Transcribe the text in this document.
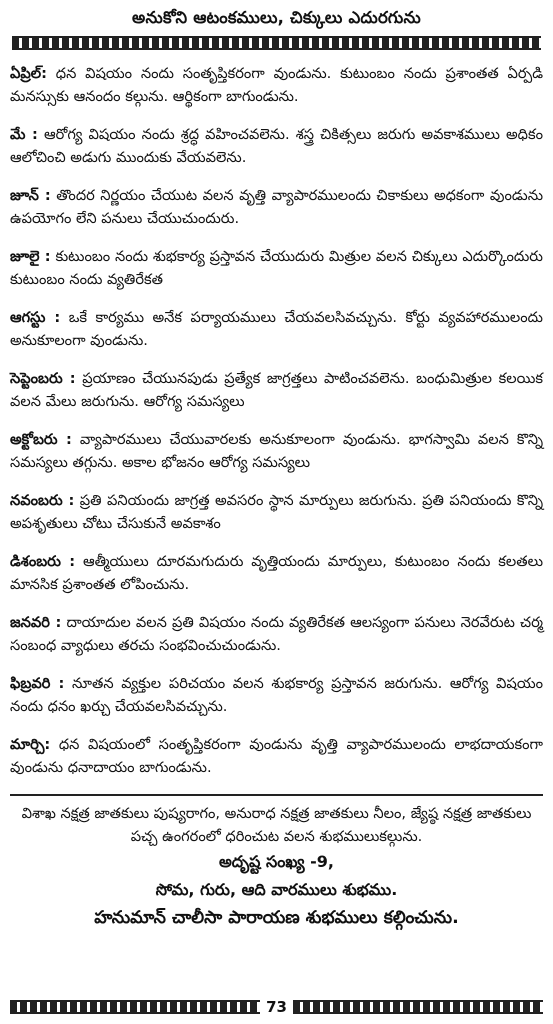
అనుకోని ఆటంకములు, చిక్కులు ఎదురగును
ఏప్రిల్: ధన విషయం నందు సంతృప్తికరంగా వుండును. కుటుంబం నందు ప్రశాంతత ఏర్పడి మనస్సుకు ఆనందం కల్గును. ఆర్థికంగా బాగుండును.
మే : ఆరోగ్య విషయం నందు శ్రద్ధ వహించవలెను. శస్త్ర చికిత్సలు జరుగు అవకాశములు అధికం ఆలోచించి అడుగు ముందుకు వేయవలెను.
జూన్ : తొందర నిర్ణయం చేయుట వలన వృత్తి వ్యాపారములందు చికాకులు అధకంగా వుండును ఉపయోగం లేని పనులు చేయుచుందురు.
జూలై : కుటుంబం నందు శుభకార్య ప్రస్తావన చేయుదురు మిత్రుల వలన చిక్కులు ఎదుర్కొందురు కుటుంబం నందు వ్యతిరేకత
ఆగస్టు : ఒకే కార్యము అనేక పర్యాయములు చేయవలసివచ్చును. కోర్టు వ్యవహారములందు అనుకూలంగా వుండును.
సెప్టెంబరు : ప్రయాణం చేయునపుడు ప్రత్యేక జాగ్రత్తలు పాటించవలెను. బంధుమిత్రుల కలయిక వలన మేలు జరుగును. ఆరోగ్య సమస్యలు
అక్టోబరు : వ్యాపారములు చేయువారలకు అనుకూలంగా వుండును. భాగస్వామి వలన కొన్ని సమస్యలు తగ్గును. అకాల భోజనం ఆరోగ్య సమస్యలు
నవంబరు : ప్రతి పనియందు జాగ్రత్త అవసరం స్థాన మార్పులు జరుగును. ప్రతి పనియందు కొన్ని అపశృతులు చోటు చేసుకునే అవకాశం
డిశంబరు : ఆత్మీయులు దూరమగుదురు వృత్తియందు మార్పులు, కుటుంబం నందు కలతలు మానసిక ప్రశాంతత లోపించును.
జనవరి : దాయాదుల వలన ప్రతి విషయం నందు వ్యతిరేకత ఆలస్యంగా పనులు నెరవేరుట చర్మ సంబంధ వ్యాధులు తరచు సంభవించుచుండును.
ఫిబ్రవరి : నూతన వ్యక్తుల పరిచయం వలన శుభకార్య ప్రస్తావన జరుగును. ఆరోగ్య విషయం నందు ధనం ఖర్చు చేయవలసివచ్చును.
మార్చి: ధన విషయంలో సంతృప్తికరంగా వుండును వృత్తి వ్యాపారములందు లాభదాయకంగా వుండును ధనాదాయం బాగుండును.
విశాఖ నక్షత్ర జాతకులు పుష్యరాగం, అనురాధ నక్షత్ర జాతకులు నీలం, జ్యేష్ఠ నక్షత్ర జాతకులు పచ్చ ఉంగరంలో ధరించుట వలన శుభములుకల్గును.
అదృష్ట సంఖ్య -9,
సోమ, గురు, ఆది వారములు శుభము.
హనుమాన్ చాలీసా పారాయణ శుభములు కల్గించును.
73
